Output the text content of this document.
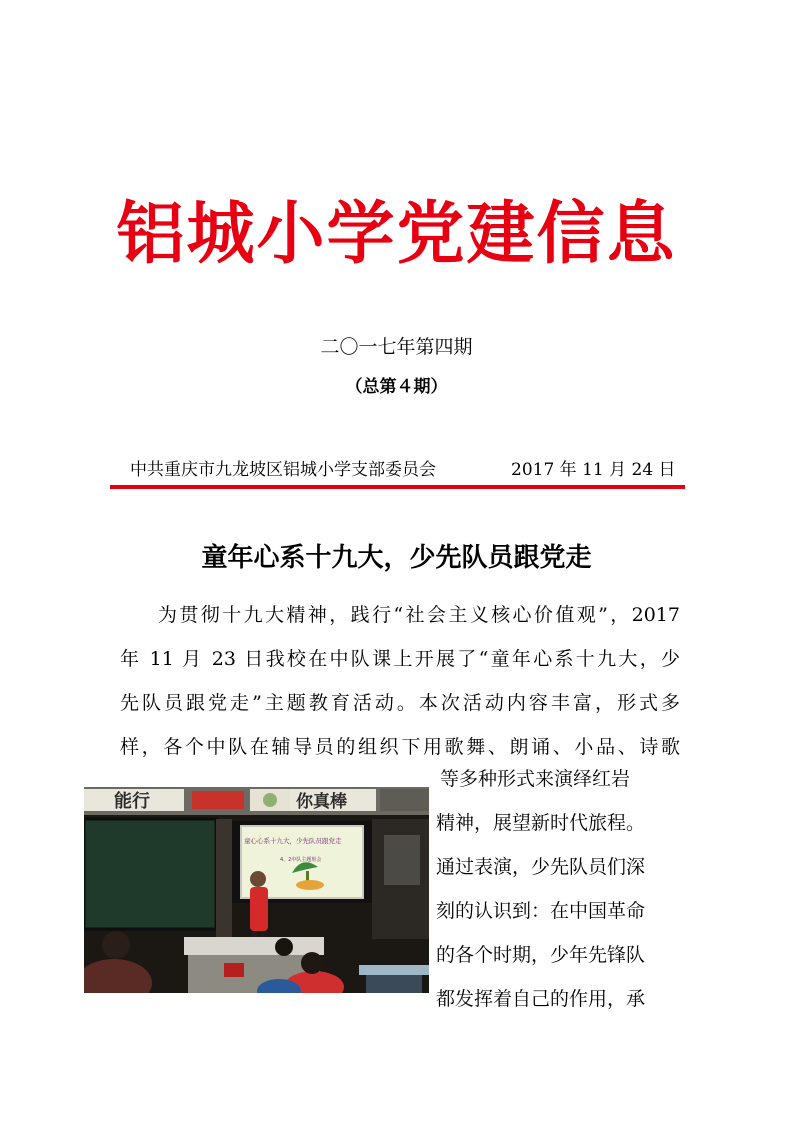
铝城小学党建信息
二〇一七年第四期
（总第４期）
中共重庆市九龙坡区铝城小学支部委员会	2017 年 11 月 24 日
童年心系十九大，少先队员跟党走

为贯彻十九大精神，践行“社会主义核心价值观”，2017

年 11 月 23 日我校在中队课上开展了“童年心系十九大，少

先队员跟党走”主题教育活动。本次活动内容丰富，形式多

样，各个中队在辅导员的组织下用歌舞、朗诵、小品、诗歌

等多种形式来演绎红岩
精神，展望新时代旅程。
通过表演，少先队员们深
刻的认识到：在中国革命
的各个时期，少年先锋队
都发挥着自己的作用，承
能行	你真棒
童心心系十九大，少先队员跟党走
4、2中队主题班会
